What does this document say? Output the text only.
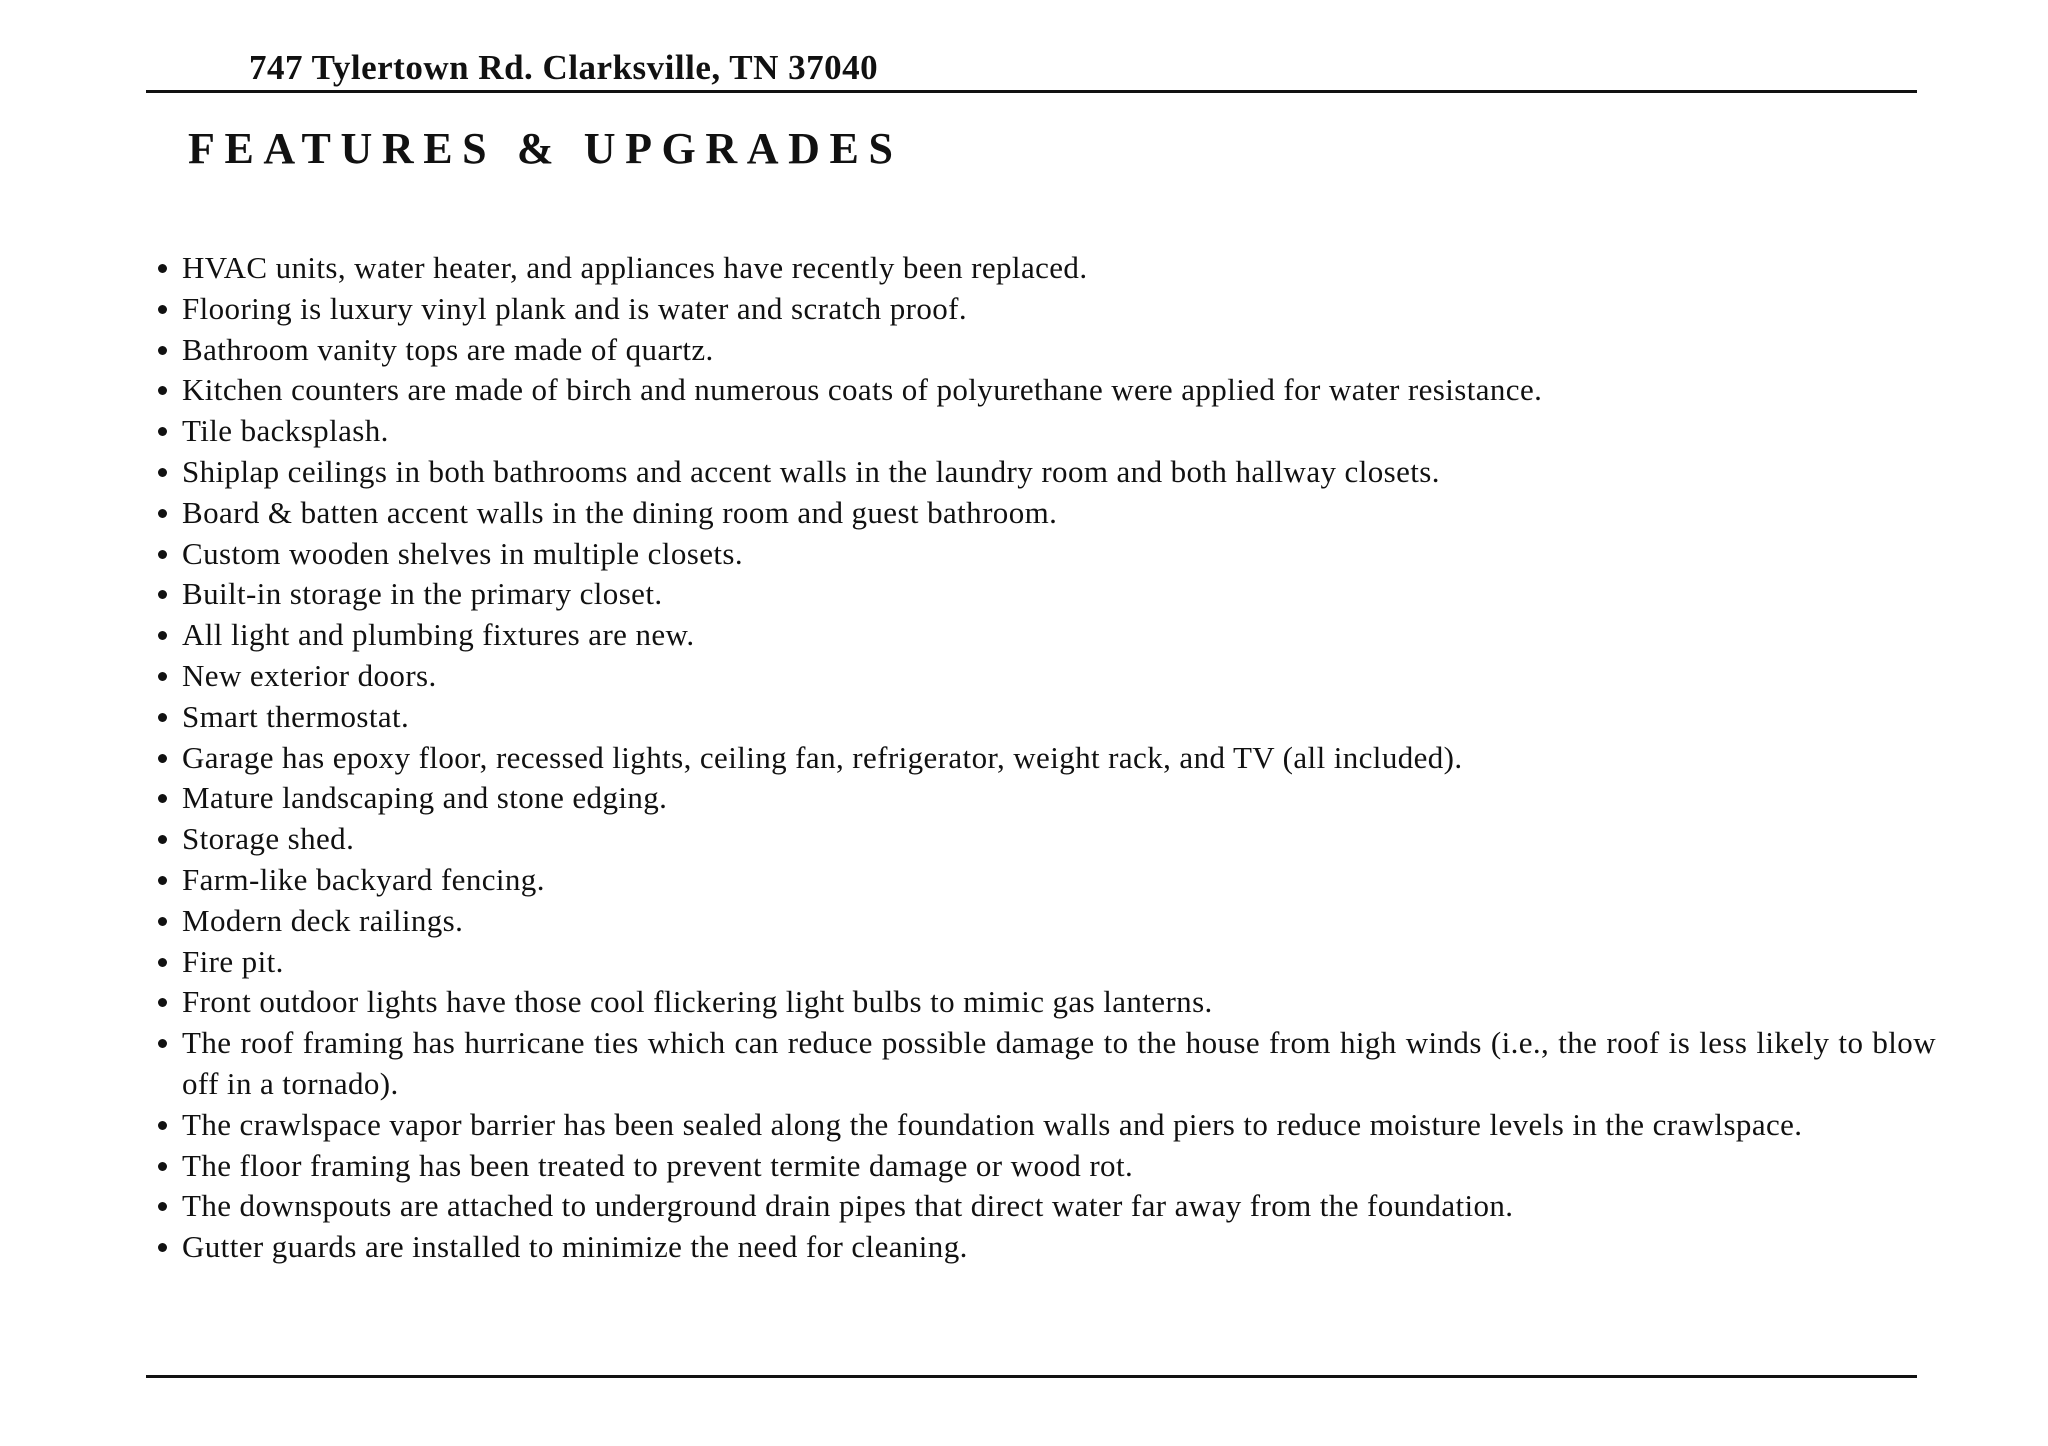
747 Tylertown Rd. Clarksville, TN 37040
FEATURES & UPGRADES
HVAC units, water heater, and appliances have recently been replaced.
Flooring is luxury vinyl plank and is water and scratch proof.
Bathroom vanity tops are made of quartz.
Kitchen counters are made of birch and numerous coats of polyurethane were applied for water resistance.
Tile backsplash.
Shiplap ceilings in both bathrooms and accent walls in the laundry room and both hallway closets.
Board & batten accent walls in the dining room and guest bathroom.
Custom wooden shelves in multiple closets.
Built-in storage in the primary closet.
All light and plumbing fixtures are new.
New exterior doors.
Smart thermostat.
Garage has epoxy floor, recessed lights, ceiling fan, refrigerator, weight rack, and TV (all included).
Mature landscaping and stone edging.
Storage shed.
Farm-like backyard fencing.
Modern deck railings.
Fire pit.
Front outdoor lights have those cool flickering light bulbs to mimic gas lanterns.
The roof framing has hurricane ties which can reduce possible damage to the house from high winds (i.e., the roof is less likely to blow off in a tornado).
The crawlspace vapor barrier has been sealed along the foundation walls and piers to reduce moisture levels in the crawlspace.
The floor framing has been treated to prevent termite damage or wood rot.
The downspouts are attached to underground drain pipes that direct water far away from the foundation.
Gutter guards are installed to minimize the need for cleaning.
